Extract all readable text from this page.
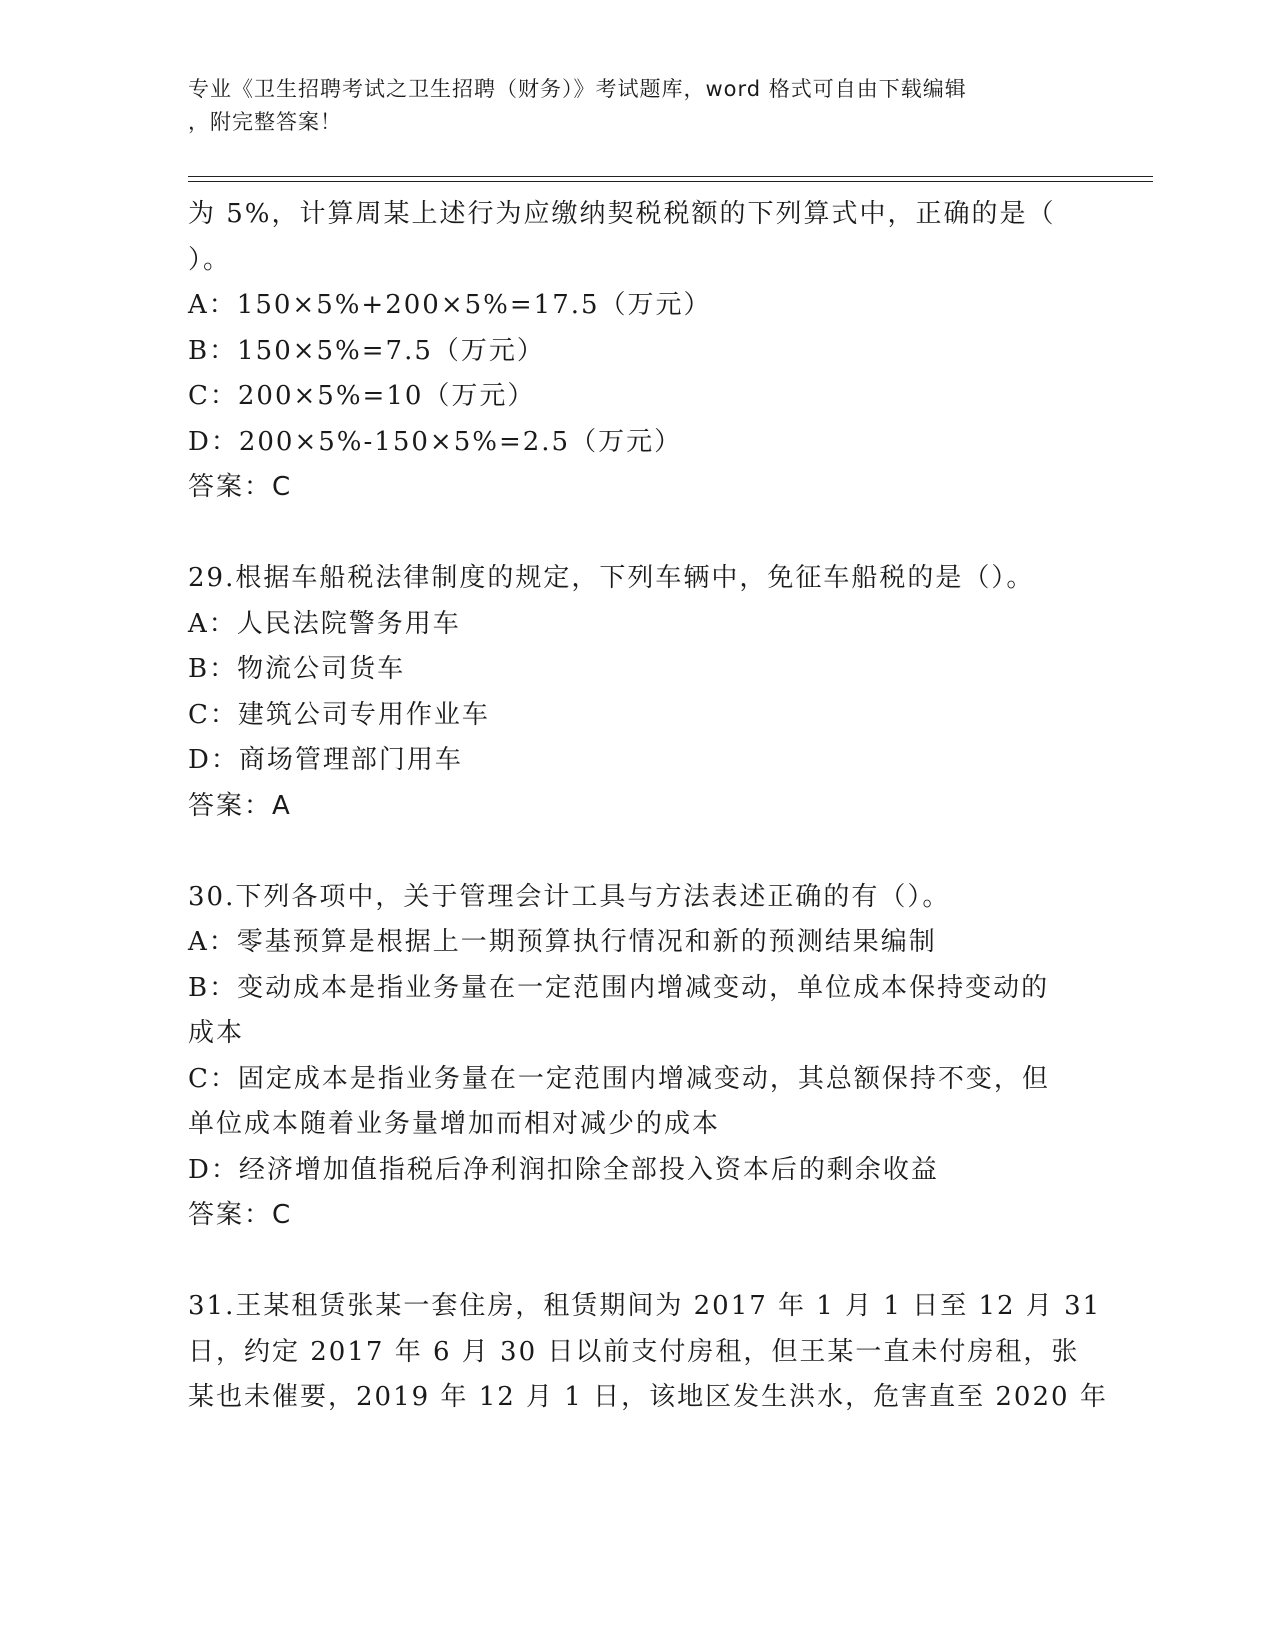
专业《卫生招聘考试之卫生招聘（财务）》考试题库，word 格式可自由下载编辑
，附完整答案！
为 5%，计算周某上述行为应缴纳契税税额的下列算式中，正确的是（
）。
A：150×5%+200×5%=17.5（万元）
B：150×5%=7.5（万元）
C：200×5%=10（万元）
D：200×5%-150×5%=2.5（万元）
答案：C
29.根据车船税法律制度的规定，下列车辆中，免征车船税的是（）。
A：人民法院警务用车
B：物流公司货车
C：建筑公司专用作业车
D：商场管理部门用车
答案：A
30.下列各项中，关于管理会计工具与方法表述正确的有（）。
A：零基预算是根据上一期预算执行情况和新的预测结果编制
B：变动成本是指业务量在一定范围内增减变动，单位成本保持变动的
成本
C：固定成本是指业务量在一定范围内增减变动，其总额保持不变，但
单位成本随着业务量增加而相对减少的成本
D：经济增加值指税后净利润扣除全部投入资本后的剩余收益
答案：C
31.王某租赁张某一套住房，租赁期间为 2017 年 1 月 1 日至 12 月 31
日，约定 2017 年 6 月 30 日以前支付房租，但王某一直未付房租，张
某也未催要，2019 年 12 月 1 日，该地区发生洪水，危害直至 2020 年
